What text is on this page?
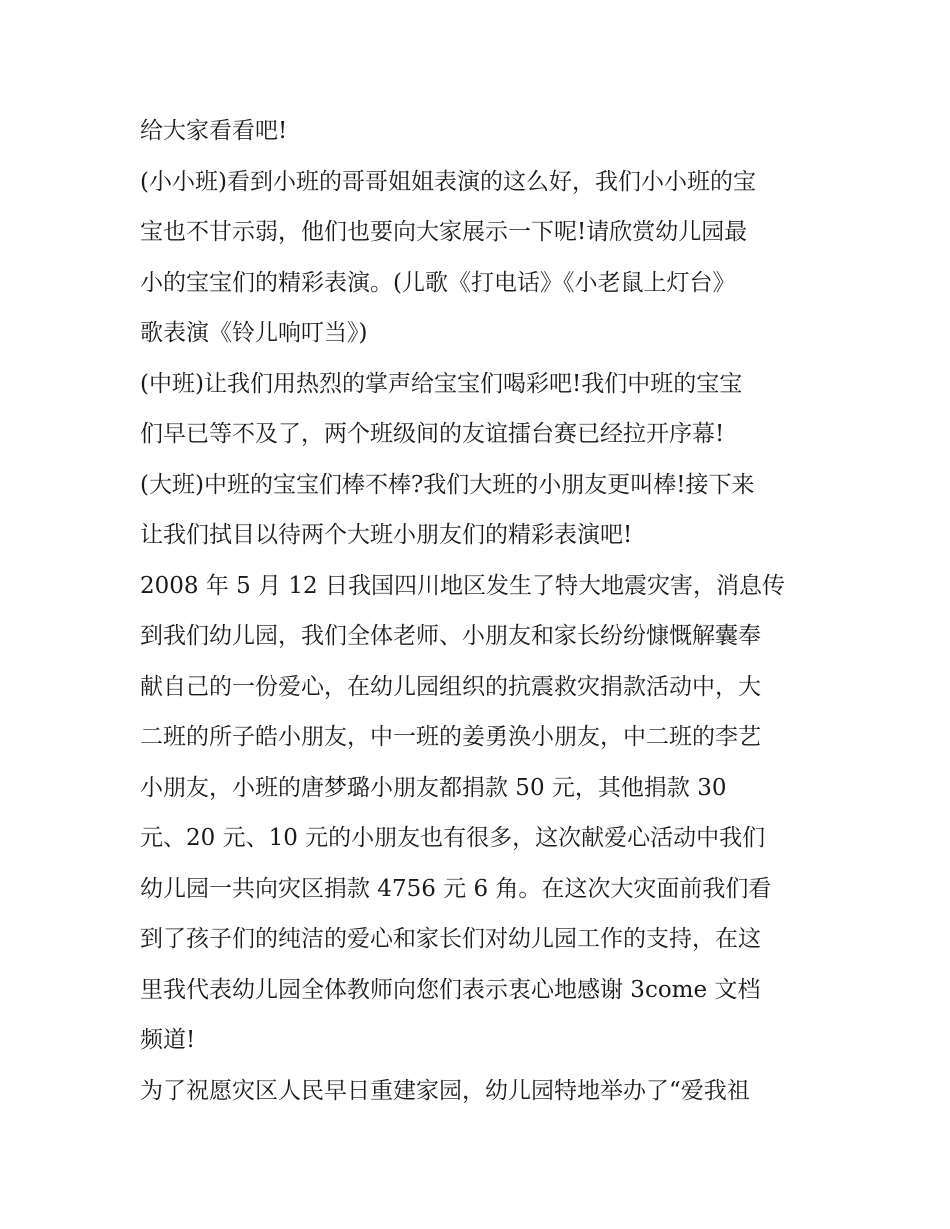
给大家看看吧!
(小小班)看到小班的哥哥姐姐表演的这么好，我们小小班的宝
宝也不甘示弱，他们也要向大家展示一下呢!请欣赏幼儿园最
小的宝宝们的精彩表演。(儿歌《打电话》《小老鼠上灯台》
歌表演《铃儿响叮当》)
(中班)让我们用热烈的掌声给宝宝们喝彩吧!我们中班的宝宝
们早已等不及了，两个班级间的友谊擂台赛已经拉开序幕!
(大班)中班的宝宝们棒不棒?我们大班的小朋友更叫棒!接下来
让我们拭目以待两个大班小朋友们的精彩表演吧!
2008 年 5 月 12 日我国四川地区发生了特大地震灾害，消息传
到我们幼儿园，我们全体老师、小朋友和家长纷纷慷慨解囊奉
献自己的一份爱心，在幼儿园组织的抗震救灾捐款活动中，大
二班的所子皓小朋友，中一班的姜勇涣小朋友，中二班的李艺
小朋友，小班的唐梦璐小朋友都捐款 50 元，其他捐款 30
元、20 元、10 元的小朋友也有很多，这次献爱心活动中我们
幼儿园一共向灾区捐款 4756 元 6 角。在这次大灾面前我们看
到了孩子们的纯洁的爱心和家长们对幼儿园工作的支持，在这
里我代表幼儿园全体教师向您们表示衷心地感谢 3come 文档
频道!
为了祝愿灾区人民早日重建家园，幼儿园特地举办了“爱我祖
